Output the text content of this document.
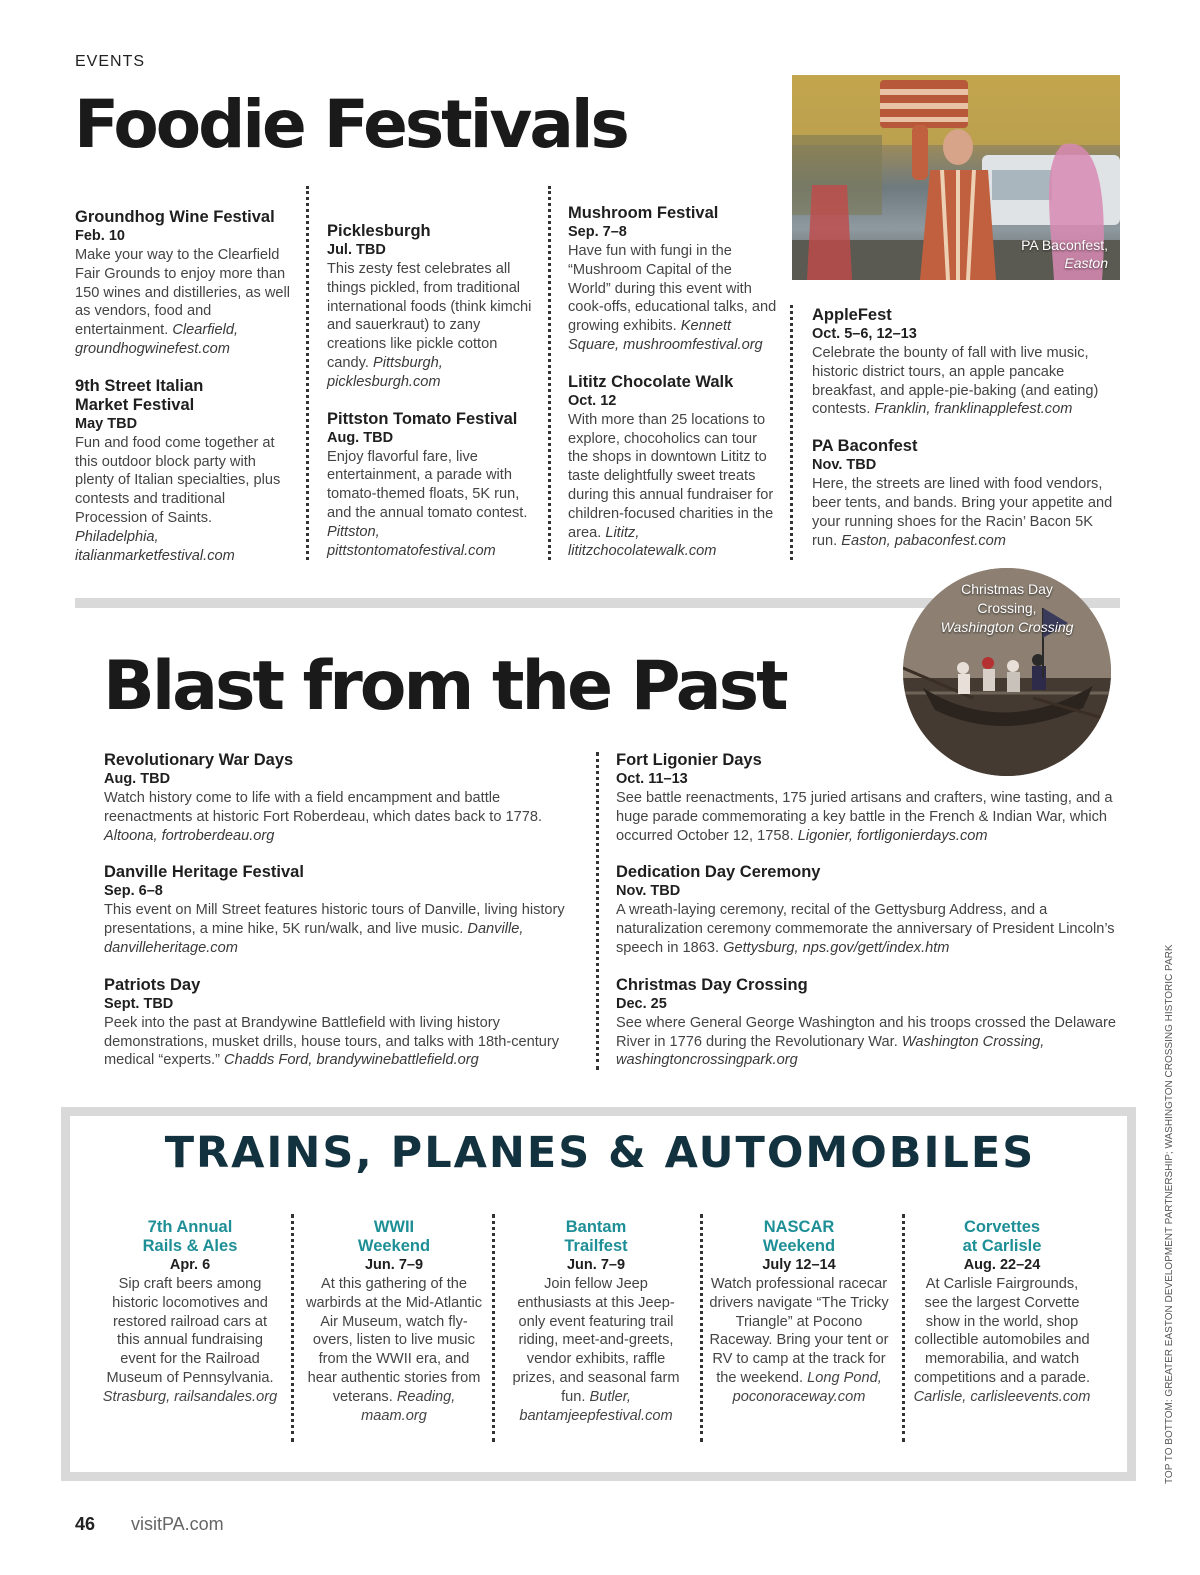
EVENTS
Foodie Festivals
PA Baconfest,
Easton
Groundhog Wine Festival
Feb. 10
Make your way to the Clearfield Fair Grounds to enjoy more than 150 wines and distilleries, as well as vendors, food and entertainment. Clearfield, groundhogwinefest.com
9th Street Italian Market Festival
May TBD
Fun and food come together at this outdoor block party with plenty of Italian specialties, plus contests and traditional Procession of Saints. Philadelphia, italianmarketfestival.com
Picklesburgh
Jul. TBD
This zesty fest celebrates all things pickled, from traditional international foods (think kimchi and sauerkraut) to zany creations like pickle cotton candy. Pittsburgh, picklesburgh.com
Pittston Tomato Festival
Aug. TBD
Enjoy flavorful fare, live entertainment, a parade with tomato-themed floats, 5K run, and the annual tomato contest. Pittston, pittstontomatofestival.com
Mushroom Festival
Sep. 7–8
Have fun with fungi in the “Mushroom Capital of the World” during this event with cook-offs, educational talks, and growing exhibits. Kennett Square, mushroomfestival.org
Lititz Chocolate Walk
Oct. 12
With more than 25 locations to explore, chocoholics can tour the shops in downtown Lititz to taste delightfully sweet treats during this annual fundraiser for children-focused charities in the area. Lititz, lititzchocolatewalk.com
AppleFest
Oct. 5–6, 12–13
Celebrate the bounty of fall with live music, historic district tours, an apple pancake breakfast, and apple-pie-baking (and eating) contests. Franklin, franklinapplefest.com
PA Baconfest
Nov. TBD
Here, the streets are lined with food vendors, beer tents, and bands. Bring your appetite and your running shoes for the Racin’ Bacon 5K run. Easton, pabaconfest.com
Christmas Day
Crossing,
Washington Crossing
Blast from the Past
Revolutionary War Days
Aug. TBD
Watch history come to life with a field encampment and battle reenactments at historic Fort Roberdeau, which dates back to 1778. Altoona, fortroberdeau.org
Danville Heritage Festival
Sep. 6–8
This event on Mill Street features historic tours of Danville, living history presentations, a mine hike, 5K run/walk, and live music. Danville, danvilleheritage.com
Patriots Day
Sept. TBD
Peek into the past at Brandywine Battlefield with living history demonstrations, musket drills, house tours, and talks with 18th-century medical “experts.” Chadds Ford, brandywinebattlefield.org
Fort Ligonier Days
Oct. 11–13
See battle reenactments, 175 juried artisans and crafters, wine tasting, and a huge parade commemorating a key battle in the French & Indian War, which occurred October 12, 1758. Ligonier, fortligonierdays.com
Dedication Day Ceremony
Nov. TBD
A wreath-laying ceremony, recital of the Gettysburg Address, and a naturalization ceremony commemorate the anniversary of President Lincoln’s speech in 1863. Gettysburg, nps.gov/gett/index.htm
Christmas Day Crossing
Dec. 25
See where General George Washington and his troops crossed the Delaware River in 1776 during the Revolutionary War. Washington Crossing, washingtoncrossingpark.org
TRAINS, PLANES & AUTOMOBILES
7th Annual
Rails & Ales
Apr. 6
Sip craft beers among historic locomotives and restored railroad cars at this annual fundraising event for the Railroad Museum of Pennsylvania. Strasburg, railsandales.org
WWII
Weekend
Jun. 7–9
At this gathering of the warbirds at the Mid-Atlantic Air Museum, watch fly-overs, listen to live music from the WWII era, and hear authentic stories from veterans. Reading, maam.org
Bantam
Trailfest
Jun. 7–9
Join fellow Jeep enthusiasts at this Jeep-only event featuring trail riding, meet-and-greets, vendor exhibits, raffle prizes, and seasonal farm fun. Butler, bantamjeepfestival.com
NASCAR
Weekend
July 12–14
Watch professional racecar drivers navigate “The Tricky Triangle” at Pocono Raceway. Bring your tent or RV to camp at the track for the weekend. Long Pond, poconoraceway.com
Corvettes
at Carlisle
Aug. 22–24
At Carlisle Fairgrounds, see the largest Corvette show in the world, shop collectible automobiles and memorabilia, and watch competitions and a parade. Carlisle, carlisleevents.com
46 visitPA.com
TOP TO BOTTOM: GREATER EASTON DEVELOPMENT PARTNERSHIP; WASHINGTON CROSSING HISTORIC PARK
